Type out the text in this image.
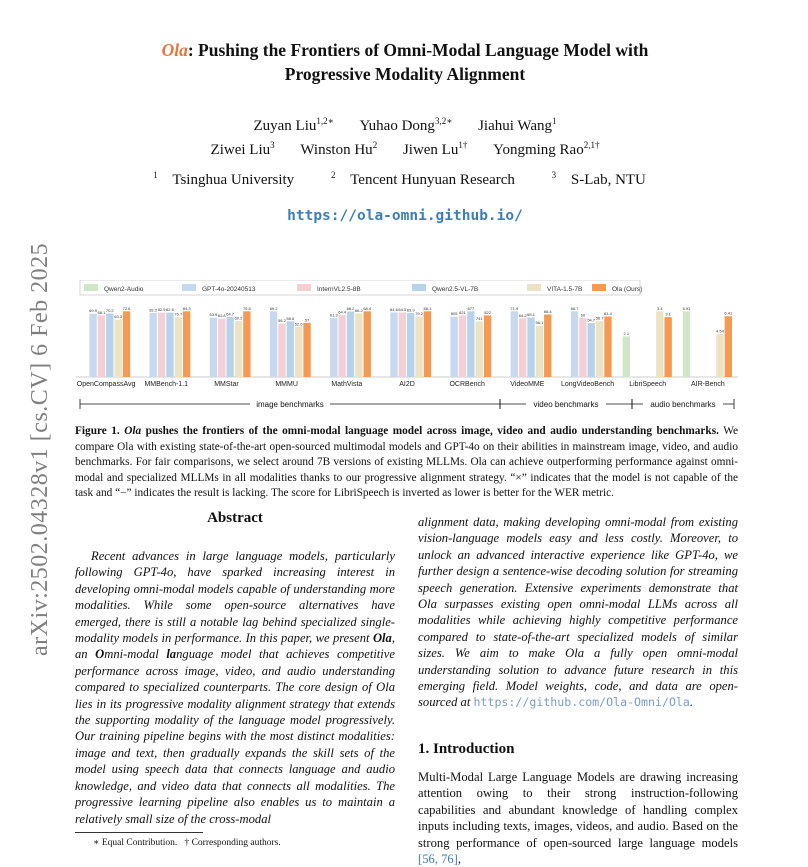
arXiv:2502.04328v1 [cs.CV] 6 Feb 2025
Ola: Pushing the Frontiers of Omni-Modal Language Model with
Progressive Modality Alignment
Zuyan Liu$^{1,2∗}$ Yuhao Dong$^{3,2∗}$ Jiahui Wang$^1$
Ziwei Liu$^3$ Winston Hu$^2$ Jiwen $Lu^{1\dagger}$ Yongming Rao$^{2,1\dagger}$
$^1$ Tsinghua University	$^2$ Tencent Hunyuan Research	$^3$ S-Lab, NTU
https://ola-omni.github.io/
Qwen2-Audio	GPT-4o-20240513	InternVL2.5-8B	Qwen2.5-VL-7B	VITA-1.5-7B	Ola (Ours)
69.9 68.1 70.2
63.3
72.6
OpenCompassAvg
82.2 82.5 82.6
76.7
84.3
MMBench-1.1
63.9 62.8 64.7
60.2
70.8
MMStar
69.2
56.2 58.6
52.6
57
MMMU
61.3
64.4
68.2 66.2 68.4
MathVista
84.6 84.5 83.9
79.2
86.1
AI2D
805 821
877
741
822
OCRBench
71.9
64.2 65.1
56.1
68.4
VideoMME
66.7
60
54.7 56.7
61.4
LongVideoBench
2.1
3.4
3.1
LibriSpeech
6.93
4.54
6.41
AIR-Bench
image benchmarks	video benchmarks	audio benchmarks
Figure 1. Ola pushes the frontiers of the omni-modal language model across image, video and audio understanding benchmarks. We compare Ola with existing state-of-the-art open-sourced multimodal models and GPT-4o on their abilities in mainstream image, video, and audio benchmarks. For fair comparisons, we select around 7B versions of existing MLLMs. Ola can achieve outperforming performance against omni-modal and specialized MLLMs in all modalities thanks to our progressive alignment strategy. “×” indicates that the model is not capable of the task and “−” indicates the result is lacking. The score for LibriSpeech is inverted as lower is better for the WER metric.
Abstract
Recent advances in large language models, particularly following GPT-4o, have sparked increasing interest in developing omni-modal models capable of understanding more modalities. While some open-source alternatives have emerged, there is still a notable lag behind specialized single-modality models in performance. In this paper, we present Ola, an Omni-modal language model that achieves competitive performance across image, video, and audio understanding compared to specialized counterparts. The core design of Ola lies in its progressive modality alignment strategy that extends the supporting modality of the language model progressively. Our training pipeline begins with the most distinct modalities: image and text, then gradually expands the skill sets of the model using speech data that connects language and audio knowledge, and video data that connects all modalities. The progressive learning pipeline also enables us to maintain a relatively small size of the cross-modal
alignment data, making developing omni-modal from existing vision-language models easy and less costly. Moreover, to unlock an advanced interactive experience like GPT-4o, we further design a sentence-wise decoding solution for streaming speech generation. Extensive experiments demonstrate that Ola surpasses existing open omni-modal LLMs across all modalities while achieving highly competitive performance compared to state-of-the-art specialized models of similar sizes. We aim to make Ola a fully open omni-modal understanding solution to advance future research in this emerging field. Model weights, code, and data are open-sourced at https://github.com/Ola-Omni/Ola.
1. Introduction
Multi-Modal Large Language Models are drawing increasing attention owing to their strong instruction-following capabilities and abundant knowledge of handling complex inputs including texts, images, videos, and audio. Based on the strong performance of open-sourced large language models [56, 76],
∗ Equal Contribution. † Corresponding authors.
